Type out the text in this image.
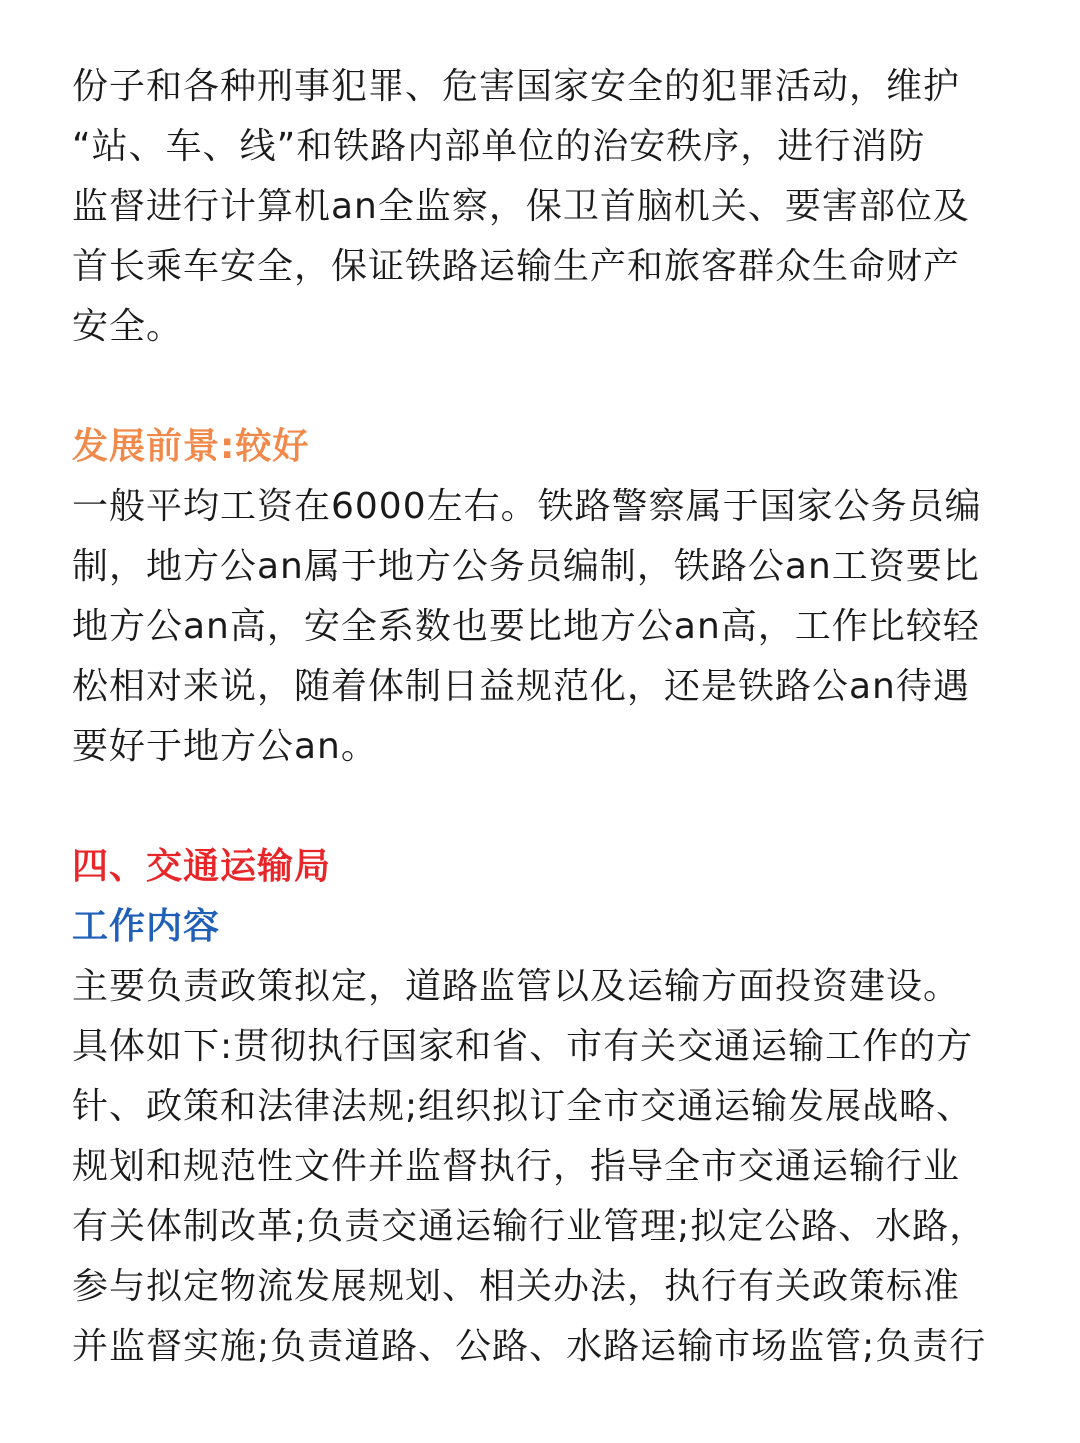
份子和各种刑事犯罪、危害国家安全的犯罪活动，维护
“站、车、线”和铁路内部单位的治安秩序，进行消防
监督进行计算机an全监察，保卫首脑机关、要害部位及
首长乘车安全，保证铁路运输生产和旅客群众生命财产
安全。
发展前景:较好
一般平均工资在6000左右。铁路警察属于国家公务员编
制，地方公an属于地方公务员编制，铁路公an工资要比
地方公an高，安全系数也要比地方公an高，工作比较轻
松相对来说，随着体制日益规范化，还是铁路公an待遇
要好于地方公an。
四、交通运输局
工作内容
主要负责政策拟定，道路监管以及运输方面投资建设。
具体如下:贯彻执行国家和省、市有关交通运输工作的方
针、政策和法律法规;组织拟订全市交通运输发展战略、
规划和规范性文件并监督执行，指导全市交通运输行业
有关体制改革;负责交通运输行业管理;拟定公路、水路，
参与拟定物流发展规划、相关办法，执行有关政策标准
并监督实施;负责道路、公路、水路运输市场监管;负责行
